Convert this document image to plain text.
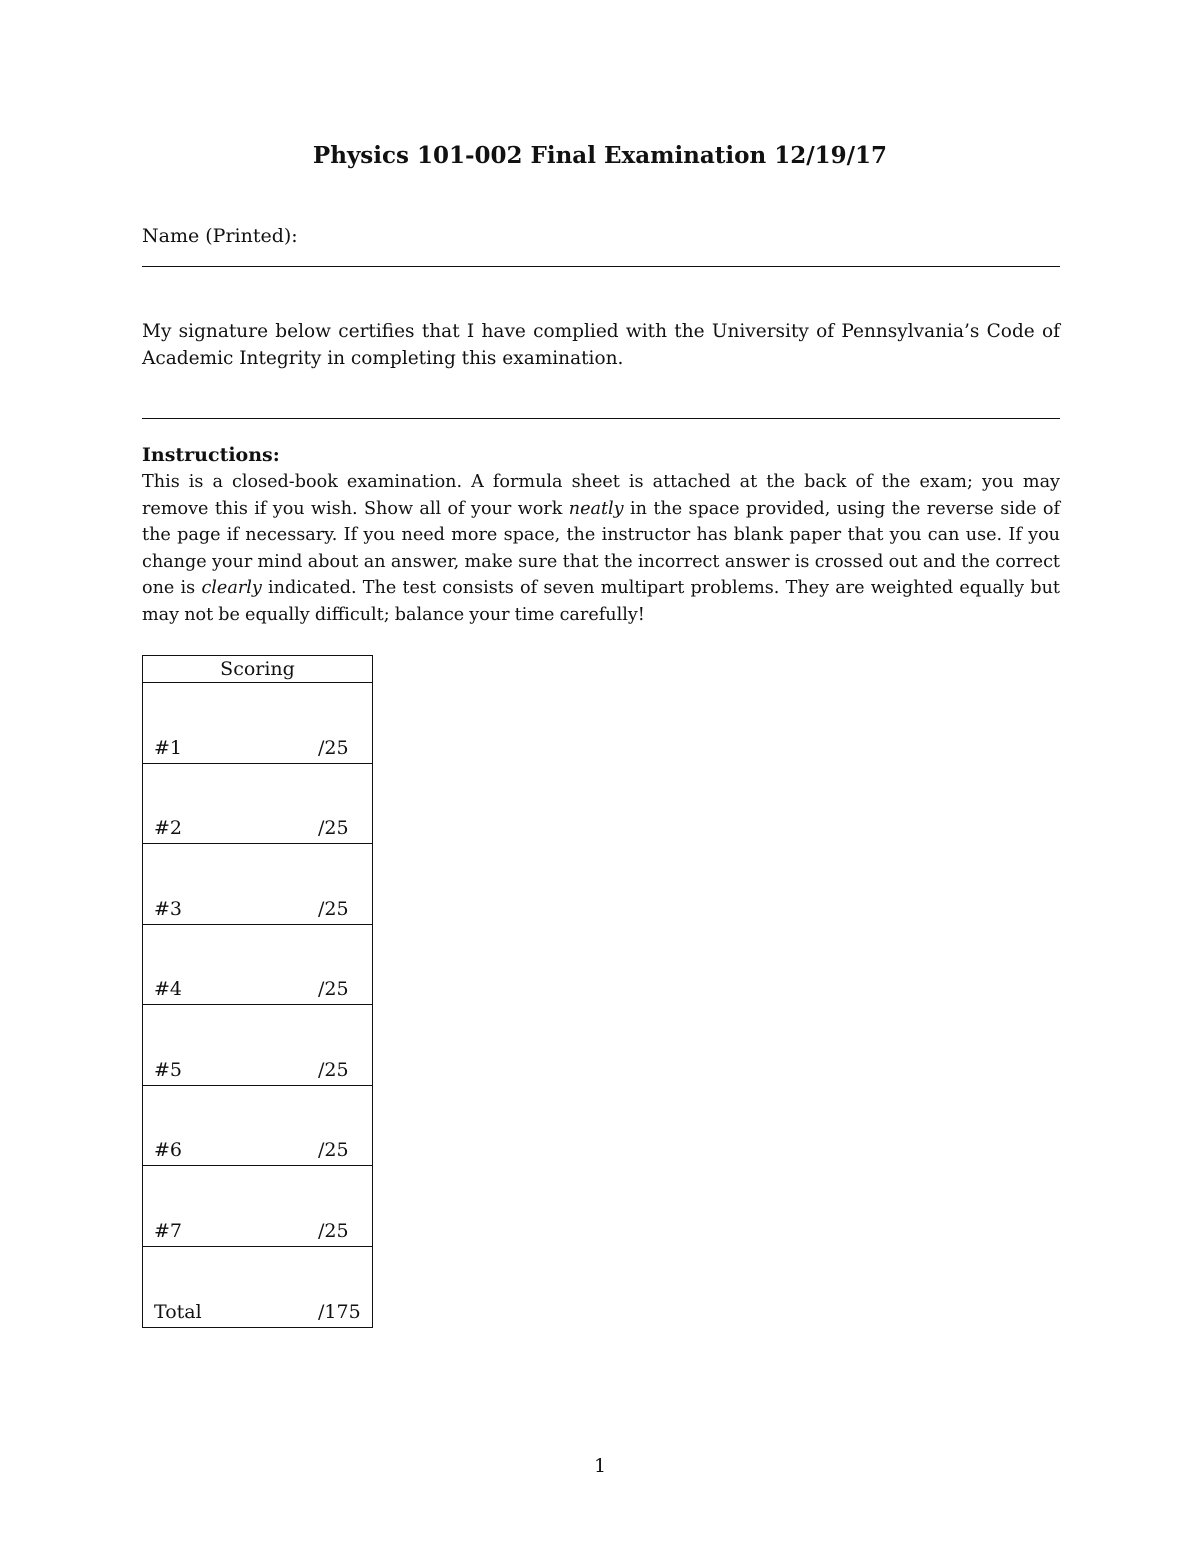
Physics 101-002 Final Examination 12/19/17
Name (Printed):
My signature below certifies that I have complied with the University of Pennsylvania’s Code of Academic Integrity in completing this examination.
Instructions:
This is a closed-book examination. A formula sheet is attached at the back of the exam; you may remove this if you wish. Show all of your work neatly in the space provided, using the reverse side of the page if necessary. If you need more space, the instructor has blank paper that you can use. If you change your mind about an answer, make sure that the incorrect answer is crossed out and the correct one is clearly indicated. The test consists of seven multipart problems. They are weighted equally but may not be equally difficult; balance your time carefully!
Scoring
#1	/25
#2	/25
#3	/25
#4	/25
#5	/25
#6	/25
#7	/25
Total	/175
1
